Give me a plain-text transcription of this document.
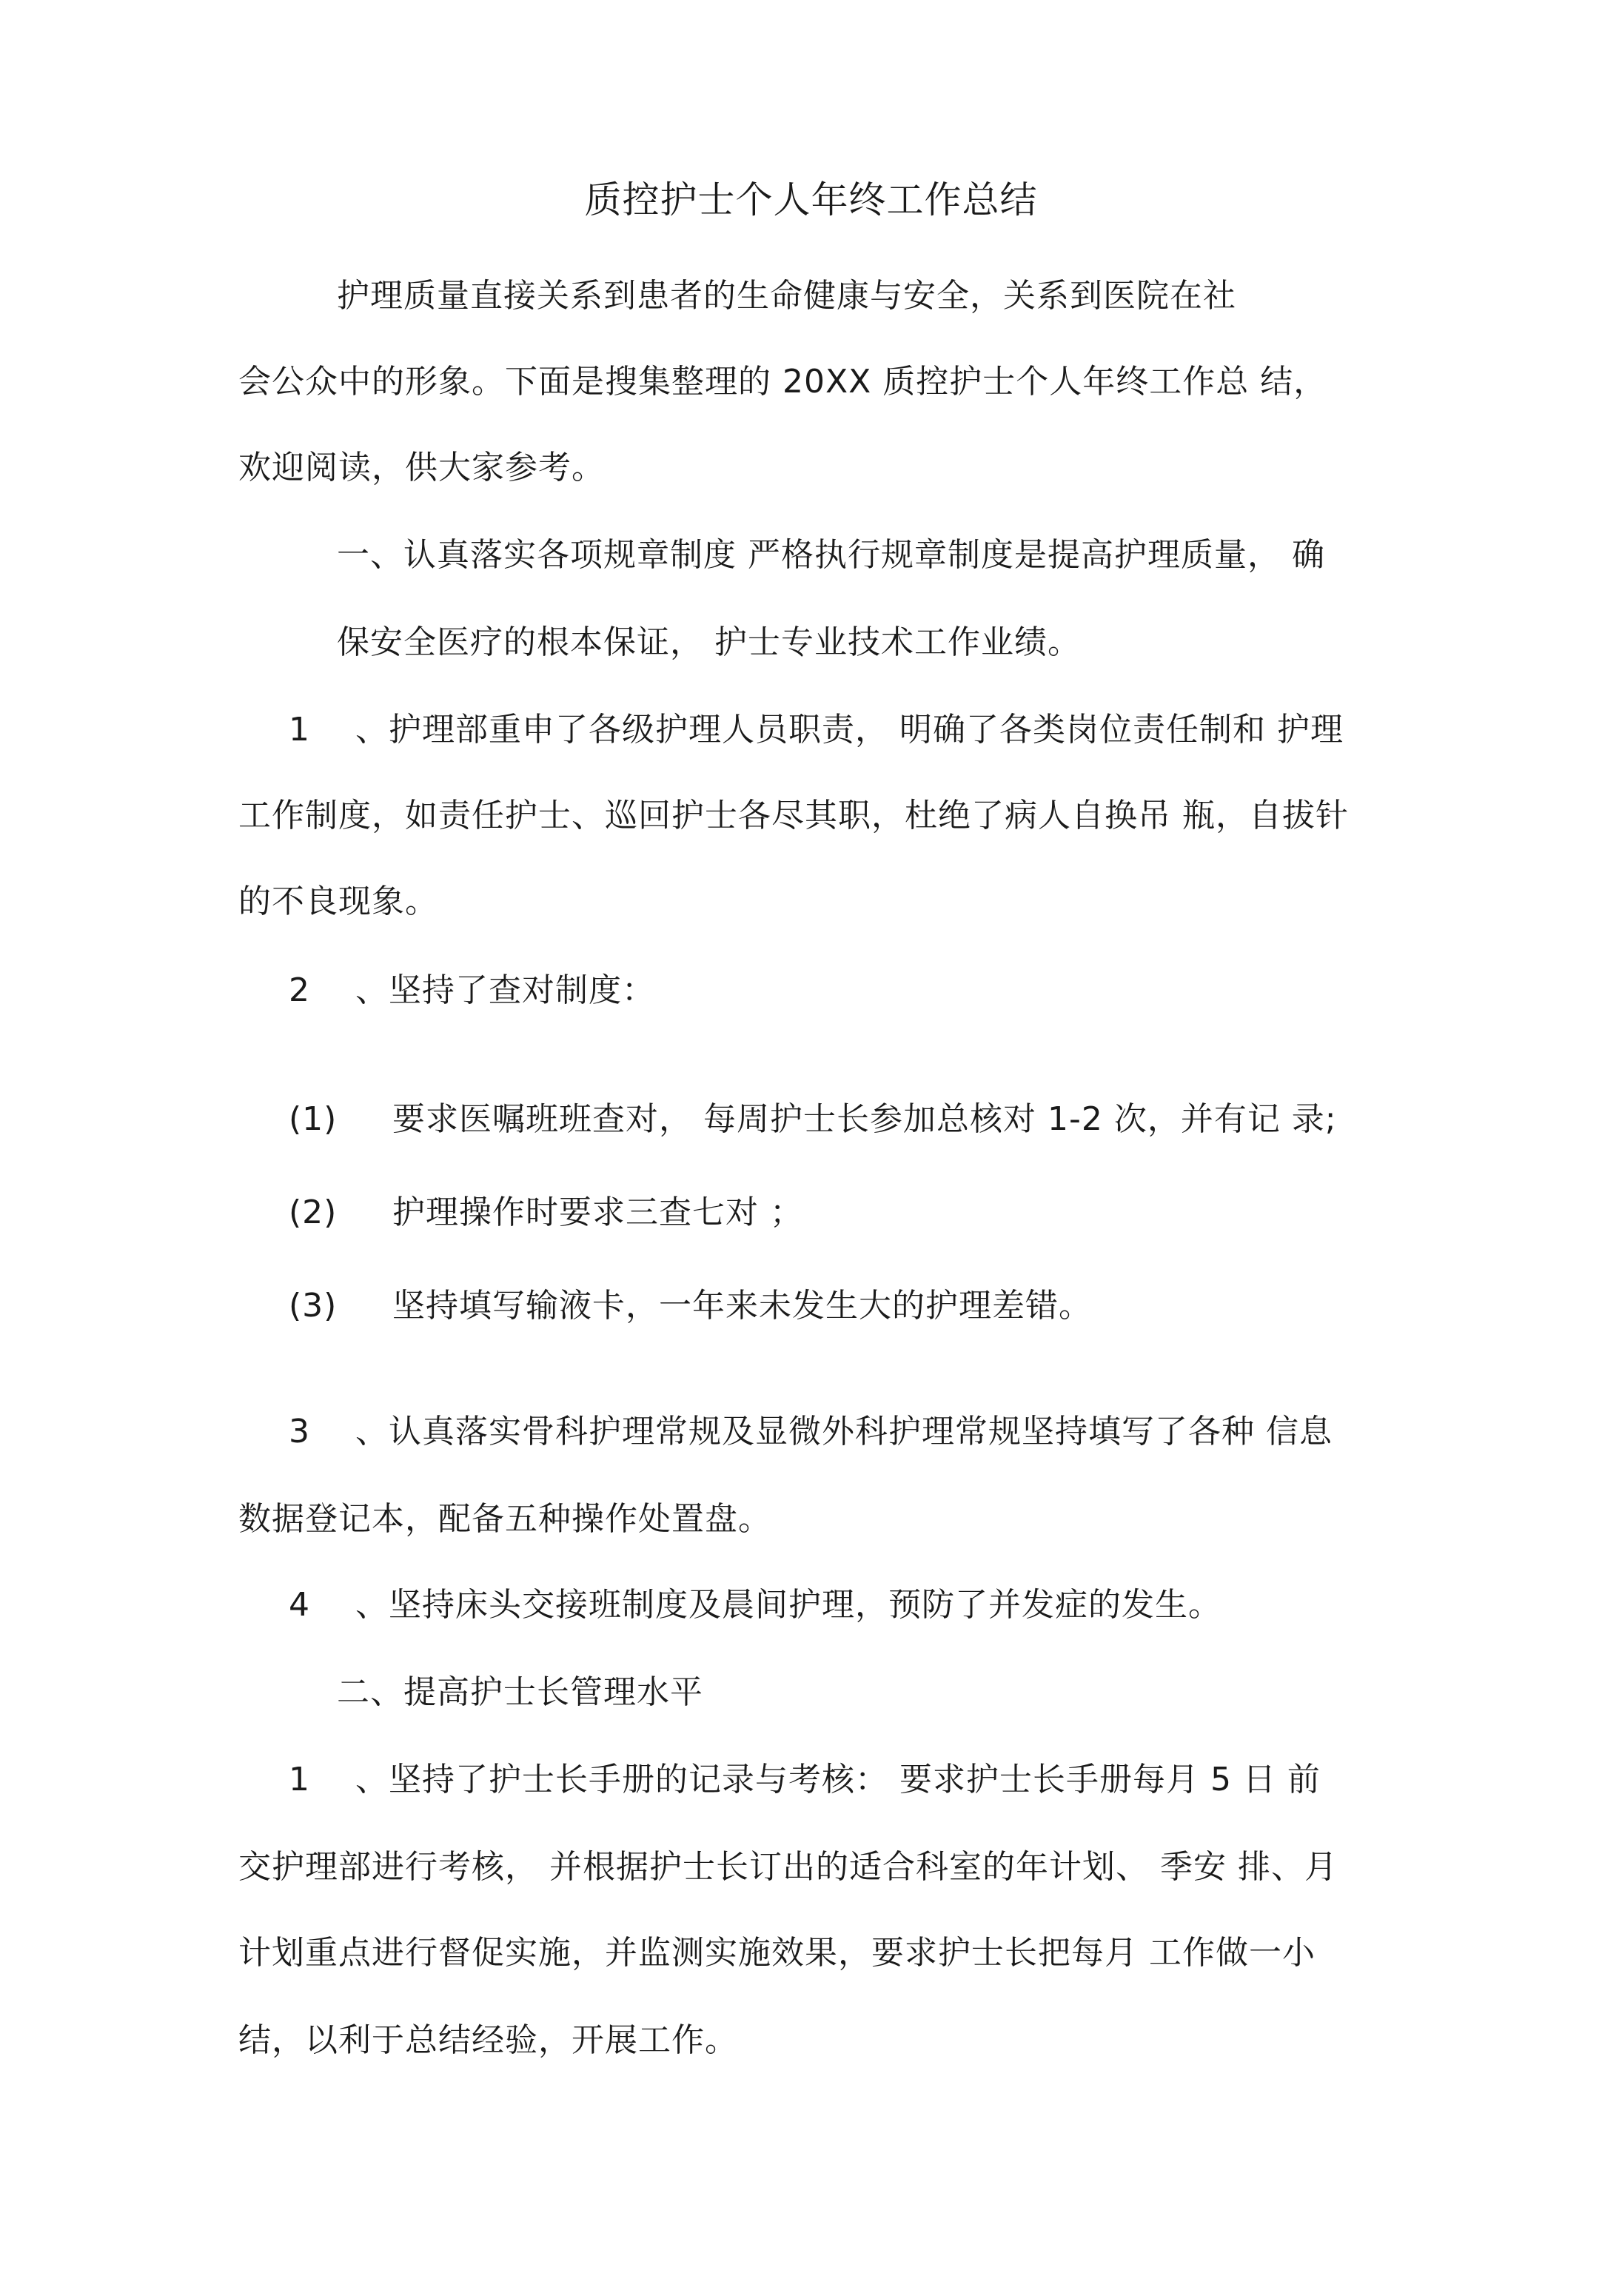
质控护士个人年终工作总结
护理质量直接关系到患者的生命健康与安全，关系到医院在社
会公众中的形象。下面是搜集整理的 20XX 质控护士个人年终工作总 结，
欢迎阅读，供大家参考。
一、认真落实各项规章制度 严格执行规章制度是提高护理质量， 确
保安全医疗的根本保证， 护士专业技术工作业绩。
1 、护理部重申了各级护理人员职责， 明确了各类岗位责任制和 护理
工作制度，如责任护士、巡回护士各尽其职，杜绝了病人自换吊 瓶，自拔针
的不良现象。
2 、坚持了查对制度：
(1) 要求医嘱班班查对， 每周护士长参加总核对 1-2 次，并有记 录;
(2) 护理操作时要求三查七对 ；
(3) 坚持填写输液卡，一年来未发生大的护理差错。
3 、认真落实骨科护理常规及显微外科护理常规坚持填写了各种 信息
数据登记本，配备五种操作处置盘。
4 、坚持床头交接班制度及晨间护理，预防了并发症的发生。
二、提高护士长管理水平
1 、坚持了护士长手册的记录与考核： 要求护士长手册每月 5 日 前
交护理部进行考核， 并根据护士长订出的适合科室的年计划、 季安 排、月
计划重点进行督促实施，并监测实施效果，要求护士长把每月 工作做一小
结，以利于总结经验，开展工作。
